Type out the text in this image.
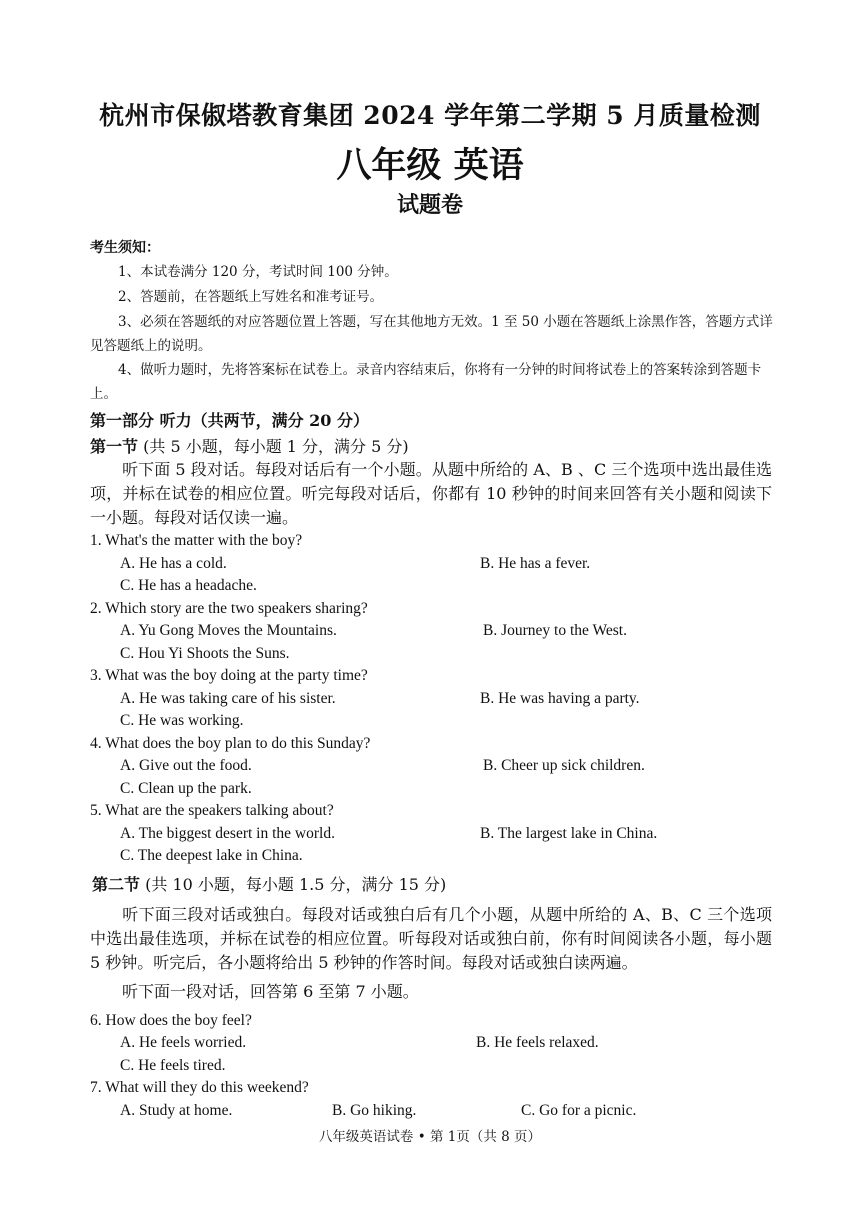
杭州市保俶塔教育集团 2024 学年第二学期 5 月质量检测
八年级 英语
试题卷
考生须知：
1、本试卷满分 120 分，考试时间 100 分钟。
2、答题前，在答题纸上写姓名和准考证号。
3、必须在答题纸的对应答题位置上答题，写在其他地方无效。1 至 50 小题在答题纸上涂黑作答，答题方式详见答题纸上的说明。
4、做听力题时，先将答案标在试卷上。录音内容结束后，你将有一分钟的时间将试卷上的答案转涂到答题卡上。
第一部分 听力（共两节，满分 20 分）
第一节 (共 5 小题，每小题 1 分，满分 5 分)
听下面 5 段对话。每段对话后有一个小题。从题中所给的 A、B 、C 三个选项中选出最佳选项，并标在试卷的相应位置。听完每段对话后，你都有 10 秒钟的时间来回答有关小题和阅读下一小题。每段对话仅读一遍。
1. What's the matter with the boy?
A. He has a cold.	B. He has a fever.
C. He has a headache.
2. Which story are the two speakers sharing?
A. Yu Gong Moves the Mountains.	B. Journey to the West.
C. Hou Yi Shoots the Suns.
3. What was the boy doing at the party time?
A. He was taking care of his sister.	B. He was having a party.
C. He was working.
4. What does the boy plan to do this Sunday?
A. Give out the food.	B. Cheer up sick children.
C. Clean up the park.
5. What are the speakers talking about?
A. The biggest desert in the world.	B. The largest lake in China.
C. The deepest lake in China.
第二节 (共 10 小题，每小题 1.5 分，满分 15 分)
听下面三段对话或独白。每段对话或独白后有几个小题，从题中所给的 A、B、C 三个选项中选出最佳选项，并标在试卷的相应位置。听每段对话或独白前，你有时间阅读各小题，每小题 5 秒钟。听完后，各小题将给出 5 秒钟的作答时间。每段对话或独白读两遍。
听下面一段对话，回答第 6 至第 7 小题。
6. How does the boy feel?
A. He feels worried.	B. He feels relaxed.
C. He feels tired.
7. What will they do this weekend?
A. Study at home.	B. Go hiking.	C. Go for a picnic.
八年级英语试卷 • 第 1页（共 8 页）
